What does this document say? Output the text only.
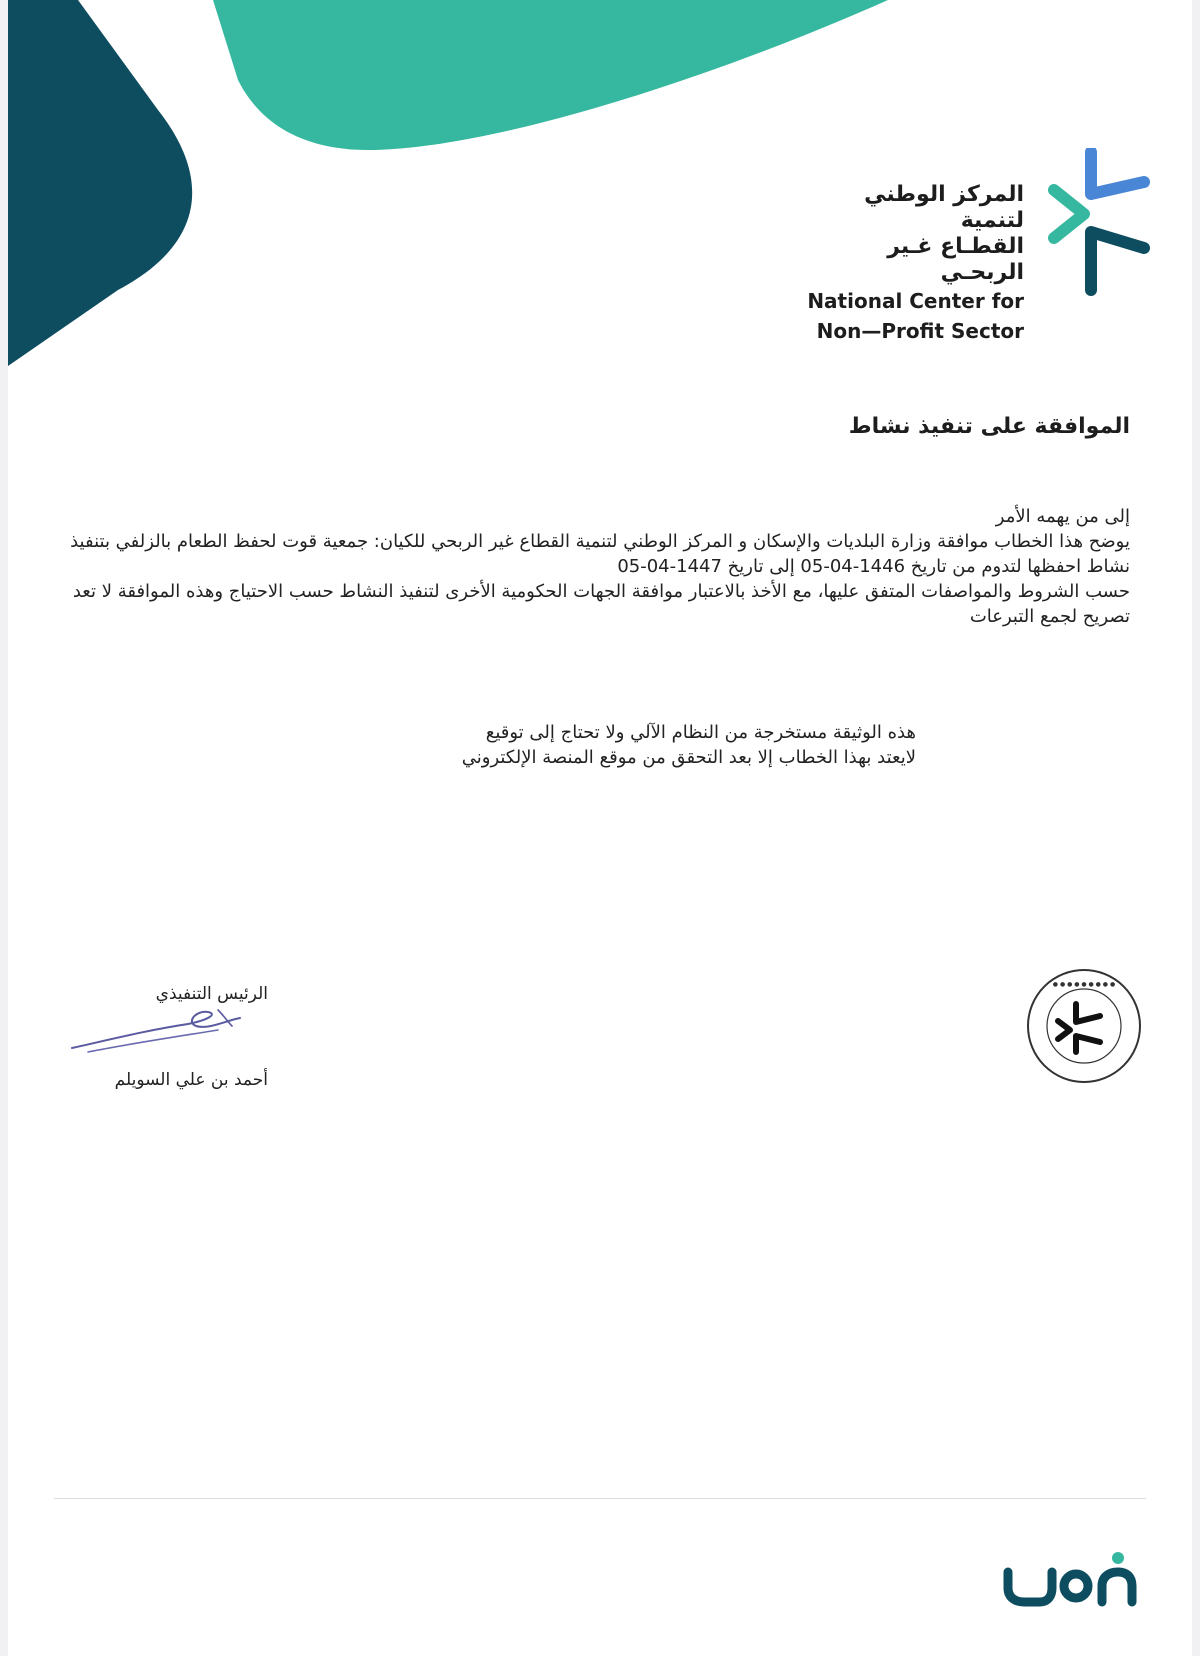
المركز الوطني لتنمية
القطـاع غـير الربحـي
National Center for
Non—Profit Sector
الموافقة على تنفيذ نشاط

إلى من يهمه الأمر

يوضح هذا الخطاب موافقة وزارة البلديات والإسكان و المركز الوطني لتنمية القطاع غير الربحي للكيان: جمعية قوت لحفظ الطعام بالزلفي بتنفيذ نشاط احفظها لتدوم من تاريخ 1446-04-05 إلى تاريخ 1447-04-05

حسب الشروط والمواصفات المتفق عليها، مع الأخذ بالاعتبار موافقة الجهات الحكومية الأخرى لتنفيذ النشاط حسب الاحتياج وهذه الموافقة لا تعد تصريح لجمع التبرعات

هذه الوثيقة مستخرجة من النظام الآلي ولا تحتاج إلى توقيع

لايعتد بهذا الخطاب إلا بعد التحقق من موقع المنصة الإلكتروني

الرئيس التنفيذي
أحمد بن علي السويلم
● ● ● ● ● ● ● ● ●
